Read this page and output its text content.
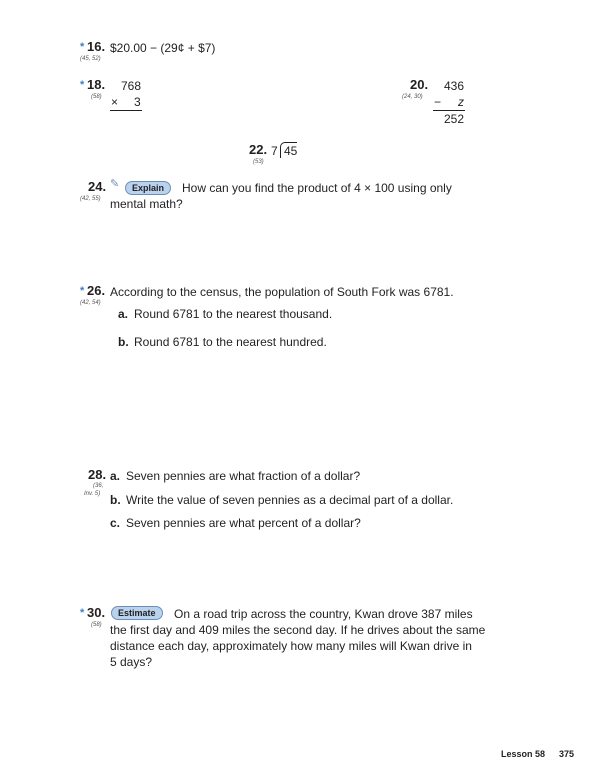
* 16.
(45, 52)
$20.00 − (29¢ + $7)
* 18.
(58)
768
× 3
20.
(24, 30)
436
− z
252
22.
(53)
7 45
24.
(42, 55)
✎	Explain	How can you find the product of 4 × 100 using only
mental math?
* 26.
(42, 54)
According to the census, the population of South Fork was 6781.
a. Round 6781 to the nearest thousand.
b. Round 6781 to the nearest hundred.
28.
(36,
Inv. 5)
a. Seven pennies are what fraction of a dollar?
b. Write the value of seven pennies as a decimal part of a dollar.
c. Seven pennies are what percent of a dollar?
* 30.
(58)
Estimate	On a road trip across the country, Kwan drove 387 miles
the first day and 409 miles the second day. If he drives about the same
distance each day, approximately how many miles will Kwan drive in
5 days?
Lesson 58 375
